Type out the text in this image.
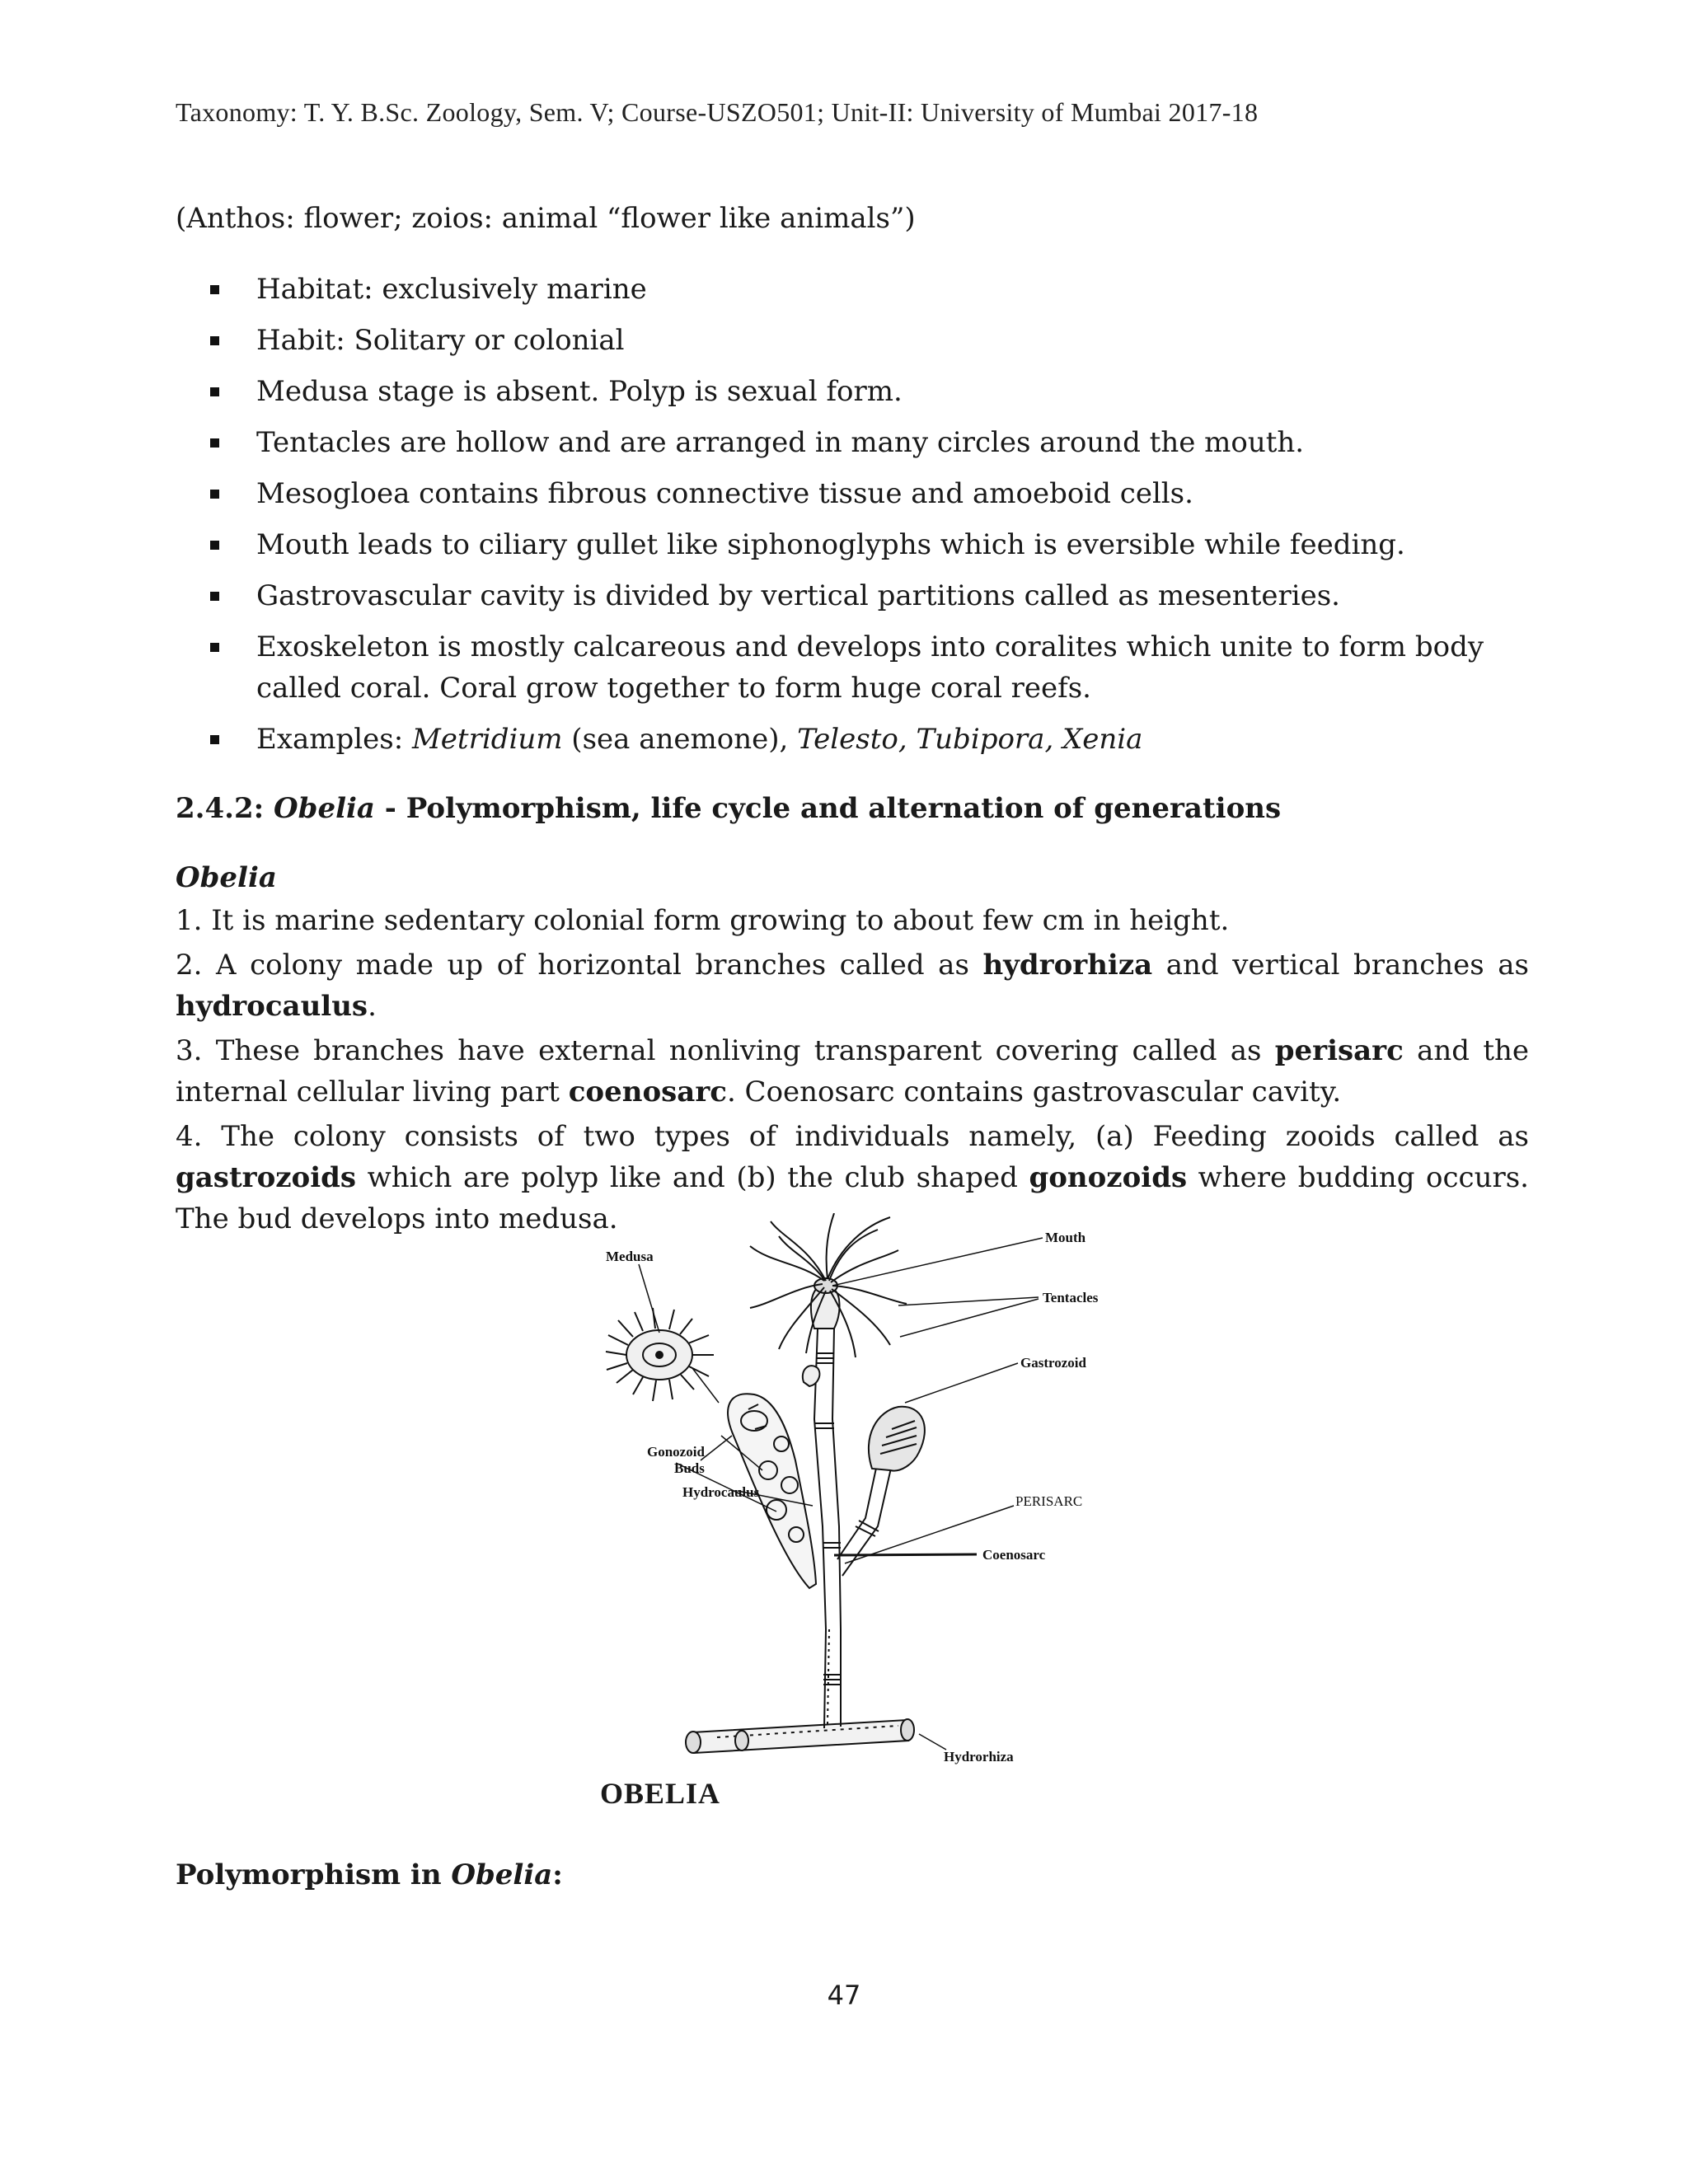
Taxonomy: T. Y. B.Sc. Zoology, Sem. V; Course-USZO501; Unit-II: University of Mumbai 2017-18

(Anthos: flower; zoios: animal “flower like animals”)

Habitat: exclusively marine
Habit: Solitary or colonial
Medusa stage is absent. Polyp is sexual form.
Tentacles are hollow and are arranged in many circles around the mouth.
Mesogloea contains fibrous connective tissue and amoeboid cells.
Mouth leads to ciliary gullet like siphonoglyphs which is eversible while feeding.
Gastrovascular cavity is divided by vertical partitions called as mesenteries.
Exoskeleton is mostly calcareous and develops into coralites which unite to form body called coral. Coral grow together to form huge coral reefs.
Examples: Metridium (sea anemone), Telesto, Tubipora, Xenia

2.4.2: Obelia - Polymorphism, life cycle and alternation of generations

Obelia

1. It is marine sedentary colonial form growing to about few cm in height.

2. A colony made up of horizontal branches called as hydrorhiza and vertical branches as hydrocaulus.

3. These branches have external nonliving transparent covering called as perisarc and the internal cellular living part coenosarc. Coenosarc contains gastrovascular cavity.

4. The colony consists of two types of individuals namely, (a) Feeding zooids called as gastrozoids which are polyp like and (b) the club shaped gonozoids where budding occurs. The bud develops into medusa.

Mouth
Medusa
Tentacles
Gastrozoid
Gonozoid
Buds
PERISARC
Hydrocaulus
Coenosarc
Hydrorhiza
OBELIA
Polymorphism in Obelia:
47
